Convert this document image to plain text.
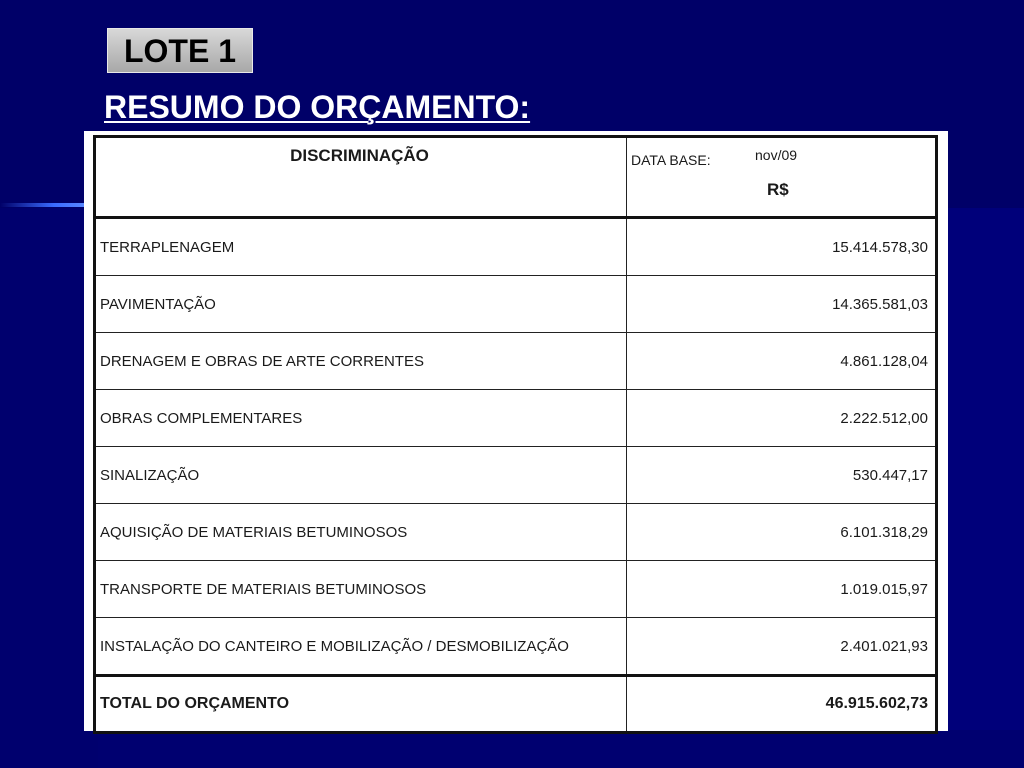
LOTE 1
RESUMO DO ORÇAMENTO:
DISCRIMINAÇÃO	DATA BASE: nov/09
R$

TERRAPLENAGEM	15.414.578,30
PAVIMENTAÇÃO	14.365.581,03
DRENAGEM E OBRAS DE ARTE CORRENTES	4.861.128,04
OBRAS COMPLEMENTARES	2.222.512,00
SINALIZAÇÃO	530.447,17
AQUISIÇÃO DE MATERIAIS BETUMINOSOS	6.101.318,29
TRANSPORTE DE MATERIAIS BETUMINOSOS	1.019.015,97
INSTALAÇÃO DO CANTEIRO E MOBILIZAÇÃO / DESMOBILIZAÇÃO	2.401.021,93
TOTAL DO ORÇAMENTO	46.915.602,73
